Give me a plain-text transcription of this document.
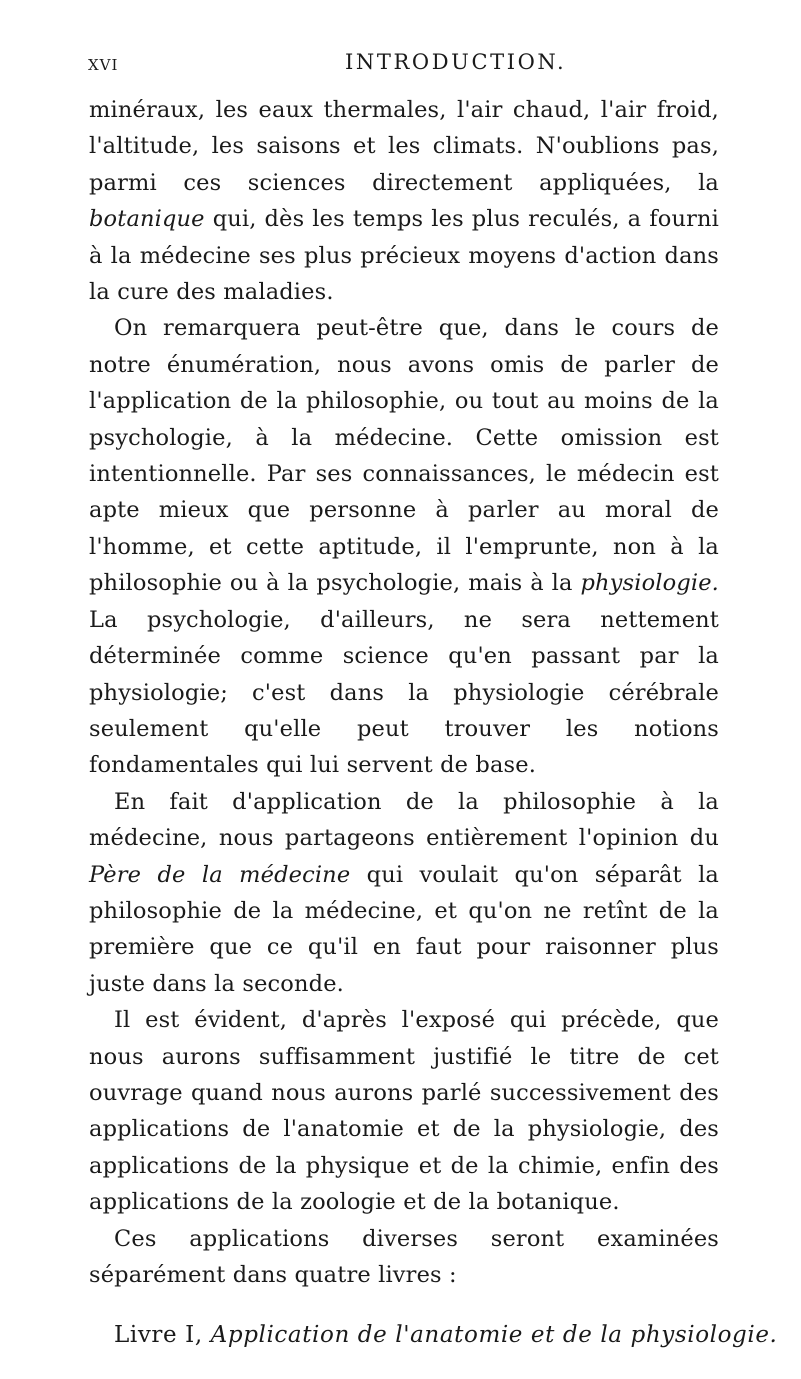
XVI	INTRODUCTION.

minéraux, les eaux thermales, l'air chaud, l'air froid, l'altitude, les saisons et les climats. N'oublions pas, parmi ces sciences directement appliquées, la botanique qui, dès les temps les plus reculés, a fourni à la médecine ses plus précieux moyens d'action dans la cure des maladies.

On remarquera peut-être que, dans le cours de notre énumération, nous avons omis de parler de l'application de la philosophie, ou tout au moins de la psychologie, à la médecine. Cette omission est intentionnelle. Par ses connaissances, le médecin est apte mieux que personne à parler au moral de l'homme, et cette aptitude, il l'emprunte, non à la philosophie ou à la psychologie, mais à la physiologie. La psychologie, d'ailleurs, ne sera nettement déterminée comme science qu'en passant par la physiologie; c'est dans la physiologie cérébrale seulement qu'elle peut trouver les notions fondamentales qui lui servent de base.

En fait d'application de la philosophie à la médecine, nous partageons entièrement l'opinion du Père de la médecine qui voulait qu'on séparât la philosophie de la médecine, et qu'on ne retînt de la première que ce qu'il en faut pour raisonner plus juste dans la seconde.

Il est évident, d'après l'exposé qui précède, que nous aurons suffisamment justifié le titre de cet ouvrage quand nous aurons parlé successivement des applications de l'anatomie et de la physiologie, des applications de la physique et de la chimie, enfin des applications de la zoologie et de la botanique.

Ces applications diverses seront examinées séparément dans quatre livres :

Livre I, Application de l'anatomie et de la physiologie.
